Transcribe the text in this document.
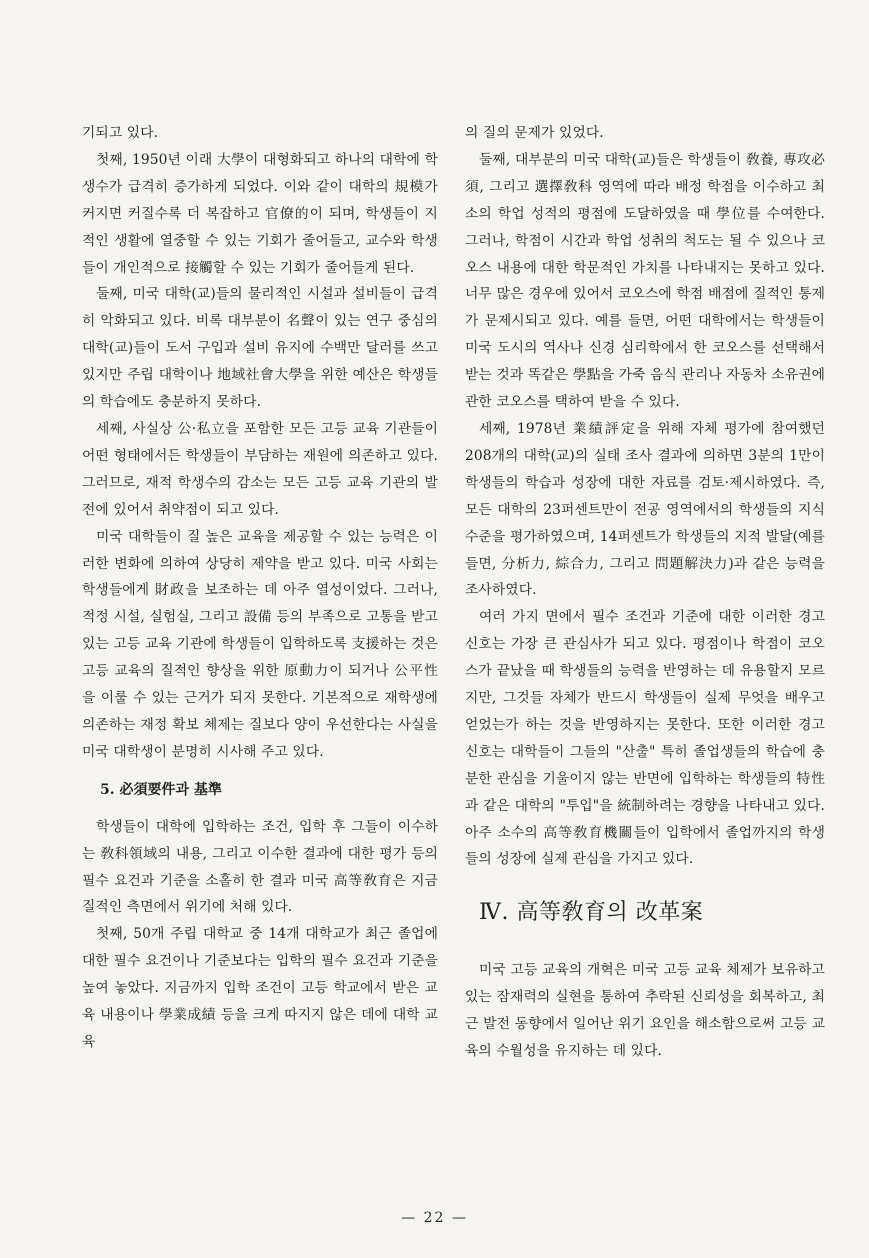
기되고 있다.

첫째, 1950년 이래 大學이 대형화되고 하나의 대학에 학생수가 급격히 증가하게 되었다. 이와 같이 대학의 規模가 커지면 커질수록 더 복잡하고 官僚的이 되며, 학생들이 지적인 생활에 열중할 수 있는 기회가 줄어들고, 교수와 학생들이 개인적으로 接觸할 수 있는 기회가 줄어들게 된다.

둘째, 미국 대학(교)들의 물리적인 시설과 설비들이 급격히 악화되고 있다. 비록 대부분이 名聲이 있는 연구 중심의 대학(교)들이 도서 구입과 설비 유지에 수백만 달러를 쓰고 있지만 주립 대학이나 地域社會大學을 위한 예산은 학생들의 학습에도 충분하지 못하다.

세째, 사실상 公·私立을 포함한 모든 고등 교육 기관들이 어떤 형태에서든 학생들이 부담하는 재원에 의존하고 있다. 그러므로, 재적 학생수의 감소는 모든 고등 교육 기관의 발전에 있어서 취약점이 되고 있다.

미국 대학들이 질 높은 교육을 제공할 수 있는 능력은 이러한 변화에 의하여 상당히 제약을 받고 있다. 미국 사회는 학생들에게 財政을 보조하는 데 아주 열성이었다. 그러나, 적정 시설, 실험실, 그리고 設備 등의 부족으로 고통을 받고 있는 고등 교육 기관에 학생들이 입학하도록 支援하는 것은 고등 교육의 질적인 향상을 위한 原動力이 되거나 公平性을 이룰 수 있는 근거가 되지 못한다. 기본적으로 재학생에 의존하는 재정 확보 체제는 질보다 양이 우선한다는 사실을 미국 대학생이 분명히 시사해 주고 있다.

5. 必須要件과 基準

학생들이 대학에 입학하는 조건, 입학 후 그들이 이수하는 敎科領域의 내용, 그리고 이수한 결과에 대한 평가 등의 필수 요건과 기준을 소홀히 한 결과 미국 高等敎育은 지금 질적인 측면에서 위기에 처해 있다.

첫째, 50개 주립 대학교 중 14개 대학교가 최근 졸업에 대한 필수 요건이나 기준보다는 입학의 필수 요건과 기준을 높여 놓았다. 지금까지 입학 조건이 고등 학교에서 받은 교육 내용이나 學業成績 등을 크게 따지지 않은 데에 대학 교육

의 질의 문제가 있었다.

둘째, 대부분의 미국 대학(교)들은 학생들이 敎養, 專攻必須, 그리고 選擇敎科 영역에 따라 배정 학점을 이수하고 최소의 학업 성적의 평점에 도달하였을 때 學位를 수여한다. 그러나, 학점이 시간과 학업 성취의 척도는 될 수 있으나 코오스 내용에 대한 학문적인 가치를 나타내지는 못하고 있다. 너무 많은 경우에 있어서 코오스에 학점 배점에 질적인 통제가 문제시되고 있다. 예를 들면, 어떤 대학에서는 학생들이 미국 도시의 역사나 신경 심리학에서 한 코오스를 선택해서 받는 것과 똑같은 學點을 가죽 음식 관리나 자동차 소유권에 관한 코오스를 택하여 받을 수 있다.

세째, 1978년 業績評定을 위해 자체 평가에 참여했던 208개의 대학(교)의 실태 조사 결과에 의하면 3분의 1만이 학생들의 학습과 성장에 대한 자료를 검토·제시하였다. 즉, 모든 대학의 23퍼센트만이 전공 영역에서의 학생들의 지식 수준을 평가하였으며, 14퍼센트가 학생들의 지적 발달(예를 들면, 分析力, 綜合力, 그리고 問題解決力)과 같은 능력을 조사하였다.

여러 가지 면에서 필수 조건과 기준에 대한 이러한 경고 신호는 가장 큰 관심사가 되고 있다. 평점이나 학점이 코오스가 끝났을 때 학생들의 능력을 반영하는 데 유용할지 모르지만, 그것들 자체가 반드시 학생들이 실제 무엇을 배우고 얻었는가 하는 것을 반영하지는 못한다. 또한 이러한 경고 신호는 대학들이 그들의 "산출" 특히 졸업생들의 학습에 충분한 관심을 기울이지 않는 반면에 입학하는 학생들의 特性과 같은 대학의 "투입"을 統制하려는 경향을 나타내고 있다. 아주 소수의 高等敎育機關들이 입학에서 졸업까지의 학생들의 성장에 실제 관심을 가지고 있다.

Ⅳ. 高等敎育의 改革案

미국 고등 교육의 개혁은 미국 고등 교육 체제가 보유하고 있는 잠재력의 실현을 통하여 추락된 신뢰성을 회복하고, 최근 발전 동향에서 일어난 위기 요인을 해소함으로써 고등 교육의 수월성을 유지하는 데 있다.

— 22 —
